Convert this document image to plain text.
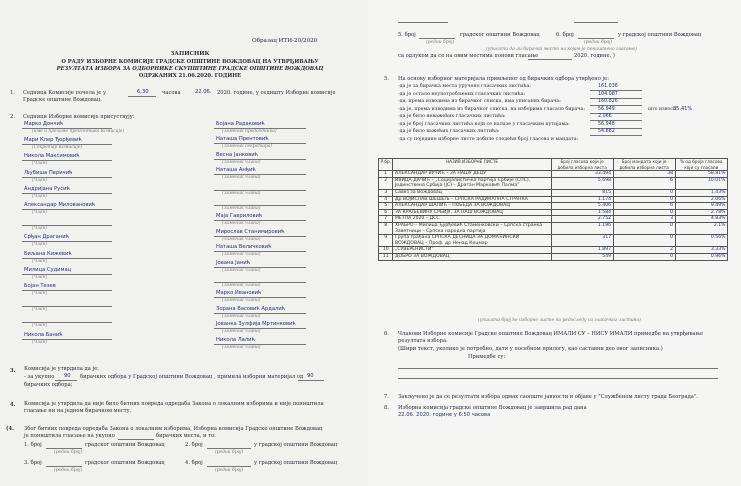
Образац ИТИ-20/2020
ЗАПИСНИК
О РАДУ ИЗБОРНЕ КОМИСИЈЕ ГРАДСКЕ ОПШТИНЕ ВОЖДОВАЦ НА УТВРЂИВАЊУ
РЕЗУЛТАТА ИЗБОРА ЗА ОДБОРНИКЕ СКУПШТИНЕ ГРАДСКЕ ОПШТИНЕ ВОЖДОВАЦ
ОДРЖАНИХ 21.06.2020. ГОДИНЕ
1. Седница Комисије почела је у	6,30	часова	22.06. 2020. године, у седишту Изборне комисије
Градске општине Вождовац.
2. Седници Изборне комисије присуствују:
Марко Дончић
(име и презиме председника Комисије)
Мари Клер Ђорђевић
(Секретар Комисије)
Никола Максимовић
(Члан)
Љубиша Перичић
(Члан)
Андријана Русић
(Члан)
Александар Миловановић
(Члан)
(Члан)
Срђан Драганић
(Члан)
Биљана Кижевић
(Члан)
Милица Судимац
(Члан)
Бојан Тезев
(Члан)
(Члан)
(Члан)
Никола Банић
(Члан)
Бојана Радаковић
(Заменик председника)
Наташа Прентовић
(Заменик секретара)
Весна Јанковић
(Заменик члана)
Наташа Анђић
(Заменик члана)
(Заменик члана)
(Заменик члана)
Маја Гавриловић
(Заменик члана)
Мирослав Станимировић
(Заменик члана)
Наташа Величковић
(Заменик члана)
Јована Јанић
(Заменик члана)
(Заменик члана)
Марко Ивановић
(Заменик члана)
Зорана Васовић Ардалић
(Заменик члана)
Јованка Зулфија Мртинковић
(Заменик члана)
Никола Лалић
(Заменик члана)
3. Комисија је утврдила да је:
- за укупно 90 бирачких одбора у Градској општини Вождовац , примила изборни материјал од 90
бирачких одбора;
4. Комисија је утврдила да није било битних повреда одредаба Закона о локалним изборима и није поништила
гласање ни на једном бирачком месту.
(4. Због битних повреда одредаба Закона о локалним изборима, Изборна комисија Градске општине Вождовац
је поништила гласање на укупно	бирачких места, и то:
1. број	градског општини Вождовац	2. број	у градској општини Вождовац
(редни број)	(редни број)
3. број	градског општини Вождовац	4. број	у градској општини Вождовац
(редни број)	(редни број)
5. број	градског општини Вождовац	6. број	у градској општини Вождовац
(редни број)	(редни број)
(уписати да ли бирачко место на којем је поништено гласање)
са одлуком да се на овим местима понови гласање	2020. године. )
5. На основу изборног материјала примљеног од бирачких одбора утврђено је:
-да је за бирачка места уручено гласачких листића:	161.036
-да је остало неупотребљених гласачких листића:	104.087
-да, према изводима из бирачког списка, има уписаних бирача:	160.826
-да је, према изводима из бирачког списка, на изборима гласало бирача:	56.949
-да је било неважећих гласачких листића:	2.066
-да је број гласачких листића који се налазе у гласачким кутијама:	56.948
-да је било важећих гласачких листића:	54.882
-да су поједине изборне листе добиле следећи број гласова и мандата:
што износи
35.41%
Р.бр.	НАЗИВ ИЗБОРНЕ ЛИСТЕ	Број гласова који је добила изборна листа	Број мандата који је добила изборна листа	% од броја гласова који су гласали
1	АЛЕКСАНДАР ВУЧИЋ – ЗА НАШУ ДЕЦУ	33.494	38	58.81%
2	ИВИЦА ДАЧИЋ – „Социјалистичка партија Србије (СПС), Јединствена Србија (ЈС) – Драган Марковић Палма”	5.698	6	10.01%
3	Савез за Вождовац	815	0	1.43%
4	Др ВОЈИСЛАВ ШЕШЕЉ – СРПСКА РАДИКАЛНА СТРАНКА	1.174	0	2.06%
5	АЛЕКСАНДАР ШАПИЋ – ПОБЕДА ЗА ВОЖДОВАЦ	5.406	6	9.49%
6	ЗА КРАЉЕВИНУ СРБИЈУ, ЗА НАШ ВОЖДОВАЦ	1.584	0	2.78%
7	МЕТЛА 2020 – ДСС	2.752	3	4.83%
8	ХРАБРО – Милица Ђурђевић Стаменковски – Српска странка Заветници – Српска народна партија	1.196	0	2.1%
9	Група грађана СРПСКА ДЕСНИЦА ЗА ДОМАЋИНСКИ ВОЖДОВАЦ – Проф. др Ненад Кецмар	317	0	0.56%
10	„СУВЕРЕНИСТИ“	1.897	2	3.33%
11	ДОБРО ЗА ВОЖДОВАЦ	549	0	0.96%
(уписати број ће изборне листе по редоследу са гласачког листића)
6. Чланови Изборне комисије Градске општине Вождовац ИМАЛИ СУ – НИСУ ИМАЛИ примедбе на утврђивање
резултата избора.
(Шири текст, уколико је потребно, дати у посебном прилогу, као саставни део овог записника.)
Примедбе су:
7. Закључено је да се резултати избора одмах саопште јавности и објаве у "Службеном листу града Београда".
8. Изборна комисија градске општине Вождовац је завршила рад дана
22.06. 2020. године у 6:50 часова
